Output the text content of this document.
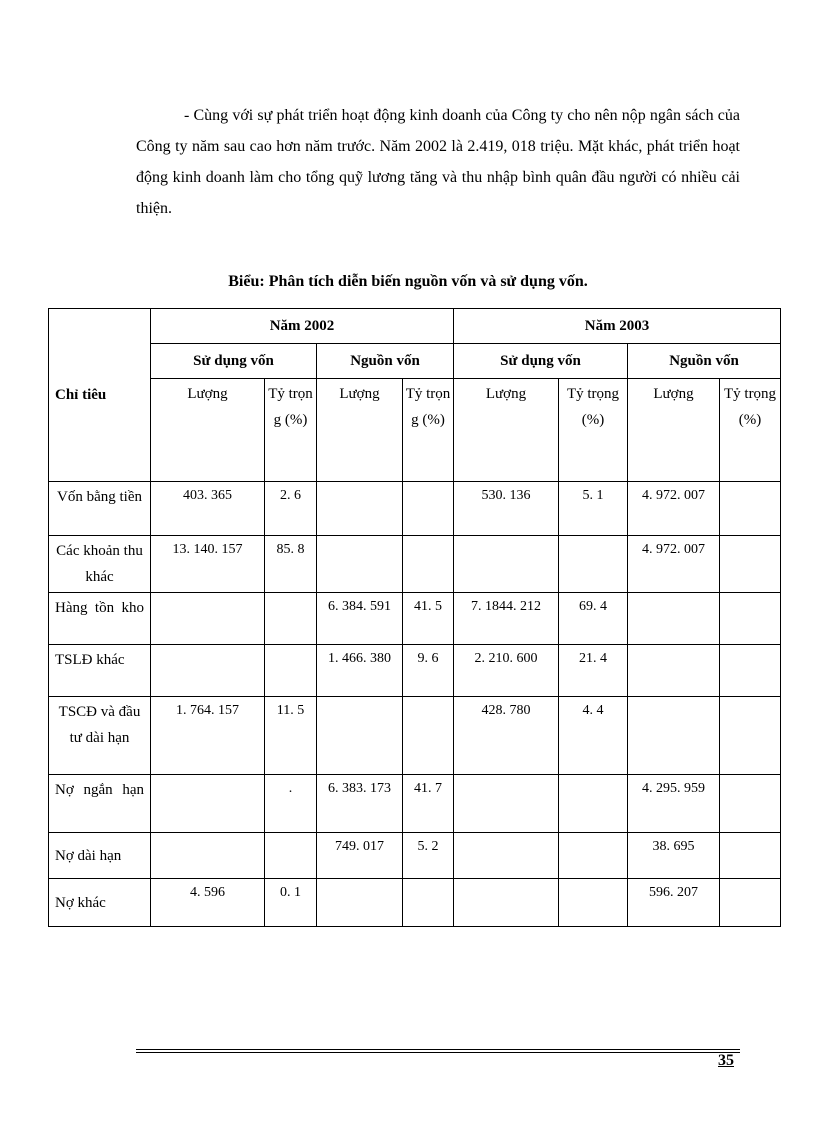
- Cùng với sự phát triển hoạt động kinh doanh của Công ty cho nên nộp ngân sách của Công ty năm sau cao hơn năm trước. Năm 2002 là 2.419, 018 triệu. Mặt khác, phát triển hoạt động kinh doanh làm cho tổng quỹ lương tăng và thu nhập bình quân đầu người có nhiều cải thiện.
Biểu: Phân tích diễn biến nguồn vốn và sử dụng vốn.
Chỉ tiêu	Năm 2002				Năm 2003			
	Sử dụng vốn		Nguồn vốn		Sử dụng vốn		Nguồn vốn	
	Lượng	Tỷ trọn g (%)	Lượng	Tỷ trọn g (%)	Lượng	Tỷ trọng (%)	Lượng	Tỷ trọng (%)
Vốn bằng tiền	403. 365	2. 6			530. 136	5. 1	4. 972. 007	
Các khoản thu khác	13. 140. 157	85. 8					4. 972. 007	
Hàng tồn kho			6. 384. 591	41. 5	7. 1844. 212	69. 4		
TSLĐ khác			1. 466. 380	9. 6	2. 210. 600	21. 4		
TSCĐ và đầu tư dài hạn	1. 764. 157	11. 5			428. 780	4. 4		
Nợ ngắn hạn		.	6. 383. 173	41. 7			4. 295. 959	
Nợ dài hạn			749. 017	5. 2			38. 695	
Nợ khác	4. 596	0. 1					596. 207	
35
